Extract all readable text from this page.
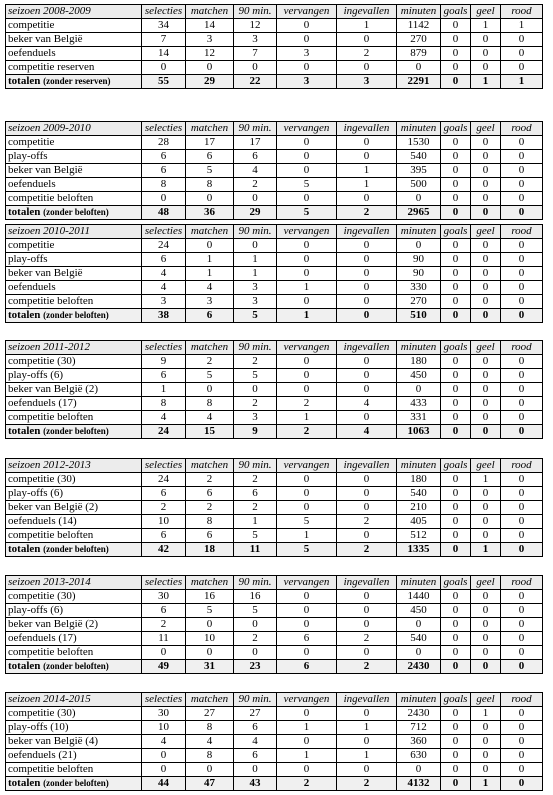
seizoen 2008-2009	selecties	matchen	90 min.	vervangen	ingevallen	minuten	goals	geel	rood
competitie	34	14	12	0	1	1142	0	1	1
beker van België	7	3	3	0	0	270	0	0	0
oefenduels	14	12	7	3	2	879	0	0	0
competitie reserven	0	0	0	0	0	0	0	0	0
totalen (zonder reserven)	55	29	22	3	3	2291	0	1	1
seizoen 2009-2010	selecties	matchen	90 min.	vervangen	ingevallen	minuten	goals	geel	rood
competitie	28	17	17	0	0	1530	0	0	0
play-offs	6	6	6	0	0	540	0	0	0
beker van België	6	5	4	0	1	395	0	0	0
oefenduels	8	8	2	5	1	500	0	0	0
competitie beloften	0	0	0	0	0	0	0	0	0
totalen (zonder beloften)	48	36	29	5	2	2965	0	0	0
seizoen 2010-2011	selecties	matchen	90 min.	vervangen	ingevallen	minuten	goals	geel	rood
competitie	24	0	0	0	0	0	0	0	0
play-offs	6	1	1	0	0	90	0	0	0
beker van België	4	1	1	0	0	90	0	0	0
oefenduels	4	4	3	1	0	330	0	0	0
competitie beloften	3	3	3	0	0	270	0	0	0
totalen (zonder beloften)	38	6	5	1	0	510	0	0	0
seizoen 2011-2012	selecties	matchen	90 min.	vervangen	ingevallen	minuten	goals	geel	rood
competitie (30)	9	2	2	0	0	180	0	0	0
play-offs (6)	6	5	5	0	0	450	0	0	0
beker van België (2)	1	0	0	0	0	0	0	0	0
oefenduels (17)	8	8	2	2	4	433	0	0	0
competitie beloften	4	4	3	1	0	331	0	0	0
totalen (zonder beloften)	24	15	9	2	4	1063	0	0	0
seizoen 2012-2013	selecties	matchen	90 min.	vervangen	ingevallen	minuten	goals	geel	rood
competitie (30)	24	2	2	0	0	180	0	1	0
play-offs (6)	6	6	6	0	0	540	0	0	0
beker van België (2)	2	2	2	0	0	210	0	0	0
oefenduels (14)	10	8	1	5	2	405	0	0	0
competitie beloften	6	6	5	1	0	512	0	0	0
totalen (zonder beloften)	42	18	11	5	2	1335	0	1	0
seizoen 2013-2014	selecties	matchen	90 min.	vervangen	ingevallen	minuten	goals	geel	rood
competitie (30)	30	16	16	0	0	1440	0	0	0
play-offs (6)	6	5	5	0	0	450	0	0	0
beker van België (2)	2	0	0	0	0	0	0	0	0
oefenduels (17)	11	10	2	6	2	540	0	0	0
competitie beloften	0	0	0	0	0	0	0	0	0
totalen (zonder beloften)	49	31	23	6	2	2430	0	0	0
seizoen 2014-2015	selecties	matchen	90 min.	vervangen	ingevallen	minuten	goals	geel	rood
competitie (30)	30	27	27	0	0	2430	0	1	0
play-offs (10)	10	8	6	1	1	712	0	0	0
beker van België (4)	4	4	4	0	0	360	0	0	0
oefenduels (21)	0	8	6	1	1	630	0	0	0
competitie beloften	0	0	0	0	0	0	0	0	0
totalen (zonder beloften)	44	47	43	2	2	4132	0	1	0
